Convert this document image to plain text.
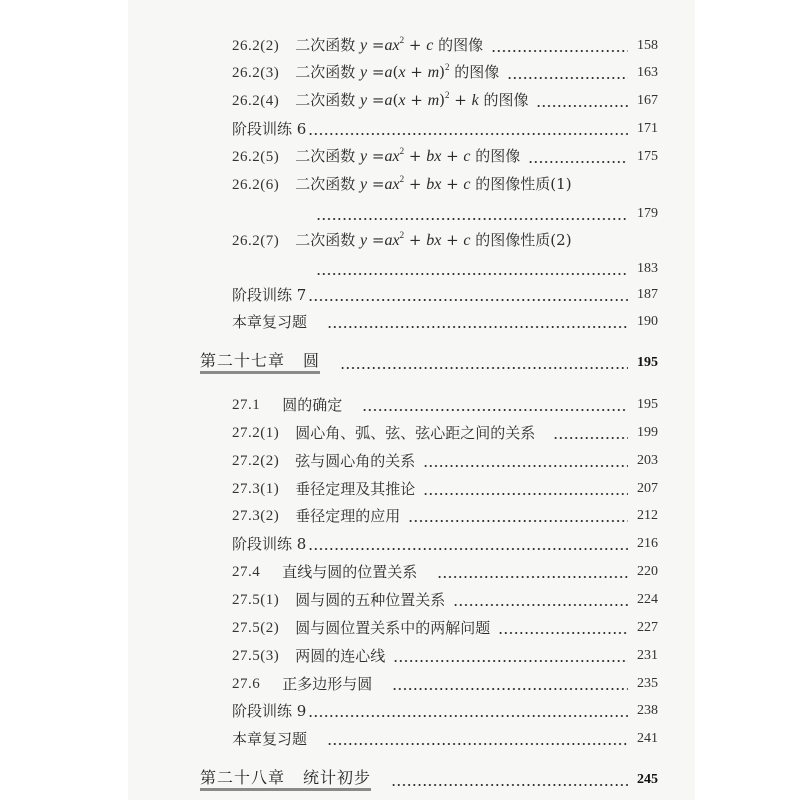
26.2(2) 二次函数 $y =ax^2 + c$ 的图像	158
26.2(3) 二次函数 $y =a(x + m)^2$ 的图像	163
26.2(4) 二次函数 $y =a(x + m)^2 + k$ 的图像	167
阶段训练 6	171
26.2(5) 二次函数 $y =ax^2$ + bx + c 的图像	175
26.2(6) 二次函数 $y =ax^2$ + bx + c 的图像性质(1)
179
26.2(7) 二次函数 $y =ax^2$ + bx + c 的图像性质(2)
183
阶段训练 7	187
本章复习题	190
第二十七章 圆	195
27.1 圆的确定	195
27.2(1) 圆心角、弧、弦、弦心距之间的关系	199
27.2(2) 弦与圆心角的关系	203
27.3(1) 垂径定理及其推论	207
27.3(2) 垂径定理的应用	212
阶段训练 8	216
27.4 直线与圆的位置关系	220
27.5(1) 圆与圆的五种位置关系	224
27.5(2) 圆与圆位置关系中的两解问题	227
27.5(3) 两圆的连心线	231
27.6 正多边形与圆	235
阶段训练 9	238
本章复习题	241
第二十八章 统计初步	245
